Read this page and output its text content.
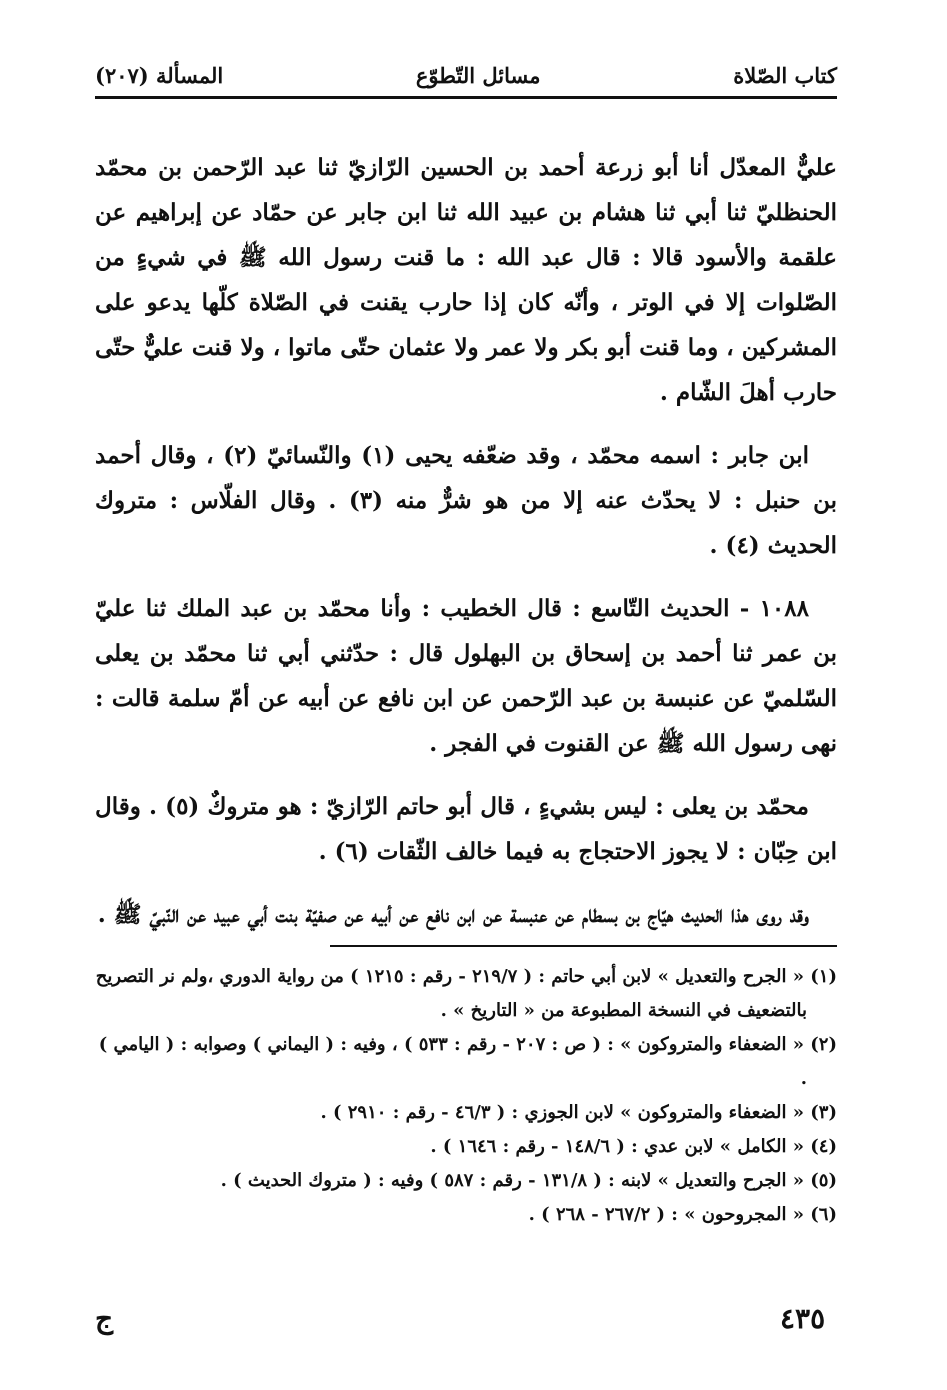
كتاب الصّلاة
مسائل التّطوّع
المسألة (٢٠٧)

عليٌّ المعدّل أنا أبو زرعة أحمد بن الحسين الرّازيّ ثنا عبد الرّحمن بن محمّد الحنظليّ ثنا أبي ثنا هشام بن عبيد الله ثنا ابن جابر عن حمّاد عن إبراهيم عن علقمة والأسود قالا : قال عبد الله : ما قنت رسول الله ﷺ في شيءٍ من الصّلوات إلا في الوتر ، وأنّه كان إذا حارب يقنت في الصّلاة كلّها يدعو على المشركين ، وما قنت أبو بكر ولا عمر ولا عثمان حتّى ماتوا ، ولا قنت عليٌّ حتّى حارب أهلَ الشّام .

ابن جابر : اسمه محمّد ، وقد ضعّفه يحيى (١) والنّسائيّ (٢) ، وقال أحمد بن حنبل : لا يحدّث عنه إلا من هو شرٌّ منه (٣) . وقال الفلّاس : متروك الحديث (٤) .

١٠٨٨ - الحديث التّاسع : قال الخطيب : وأنا محمّد بن عبد الملك ثنا عليّ بن عمر ثنا أحمد بن إسحاق بن البهلول قال : حدّثني أبي ثنا محمّد بن يعلى السّلميّ عن عنبسة بن عبد الرّحمن عن ابن نافع عن أبيه عن أمّ سلمة قالت : نهى رسول الله ﷺ عن القنوت في الفجر .

محمّد بن يعلى : ليس بشيءٍ ، قال أبو حاتم الرّازيّ : هو متروكٌ (٥) . وقال ابن حِبّان : لا يجوز الاحتجاج به فيما خالف الثّقات (٦) .

وقد روى هذا الحديث هيّاج بن بسطام عن عنبسة عن ابن نافع عن أبيه عن صفيّة بنت أبي عبيد عن النّبيّ ﷺ .

(١) « الجرح والتعديل » لابن أبي حاتم : ( ٢١٩/٧ - رقم : ١٢١٥ ) من رواية الدوري ،ولم نر التصريح بالتضعيف في النسخة المطبوعة من « التاريخ » .

(٢) « الضعفاء والمتروكون » : ( ص : ٢٠٧ - رقم : ٥٣٣ ) ، وفيه : ( اليماني ) وصوابه : ( اليامي ) .

(٣) « الضعفاء والمتروكون » لابن الجوزي : ( ٤٦/٣ - رقم : ٢٩١٠ ) .

(٤) « الكامل » لابن عدي : ( ١٤٨/٦ - رقم : ١٦٤٦ ) .

(٥) « الجرح والتعديل » لابنه : ( ١٣١/٨ - رقم : ٥٨٧ ) وفيه : ( متروك الحديث ) .

(٦) « المجروحون » : ( ٢٦٧/٢ - ٢٦٨ ) .

٤٣٥
ج
